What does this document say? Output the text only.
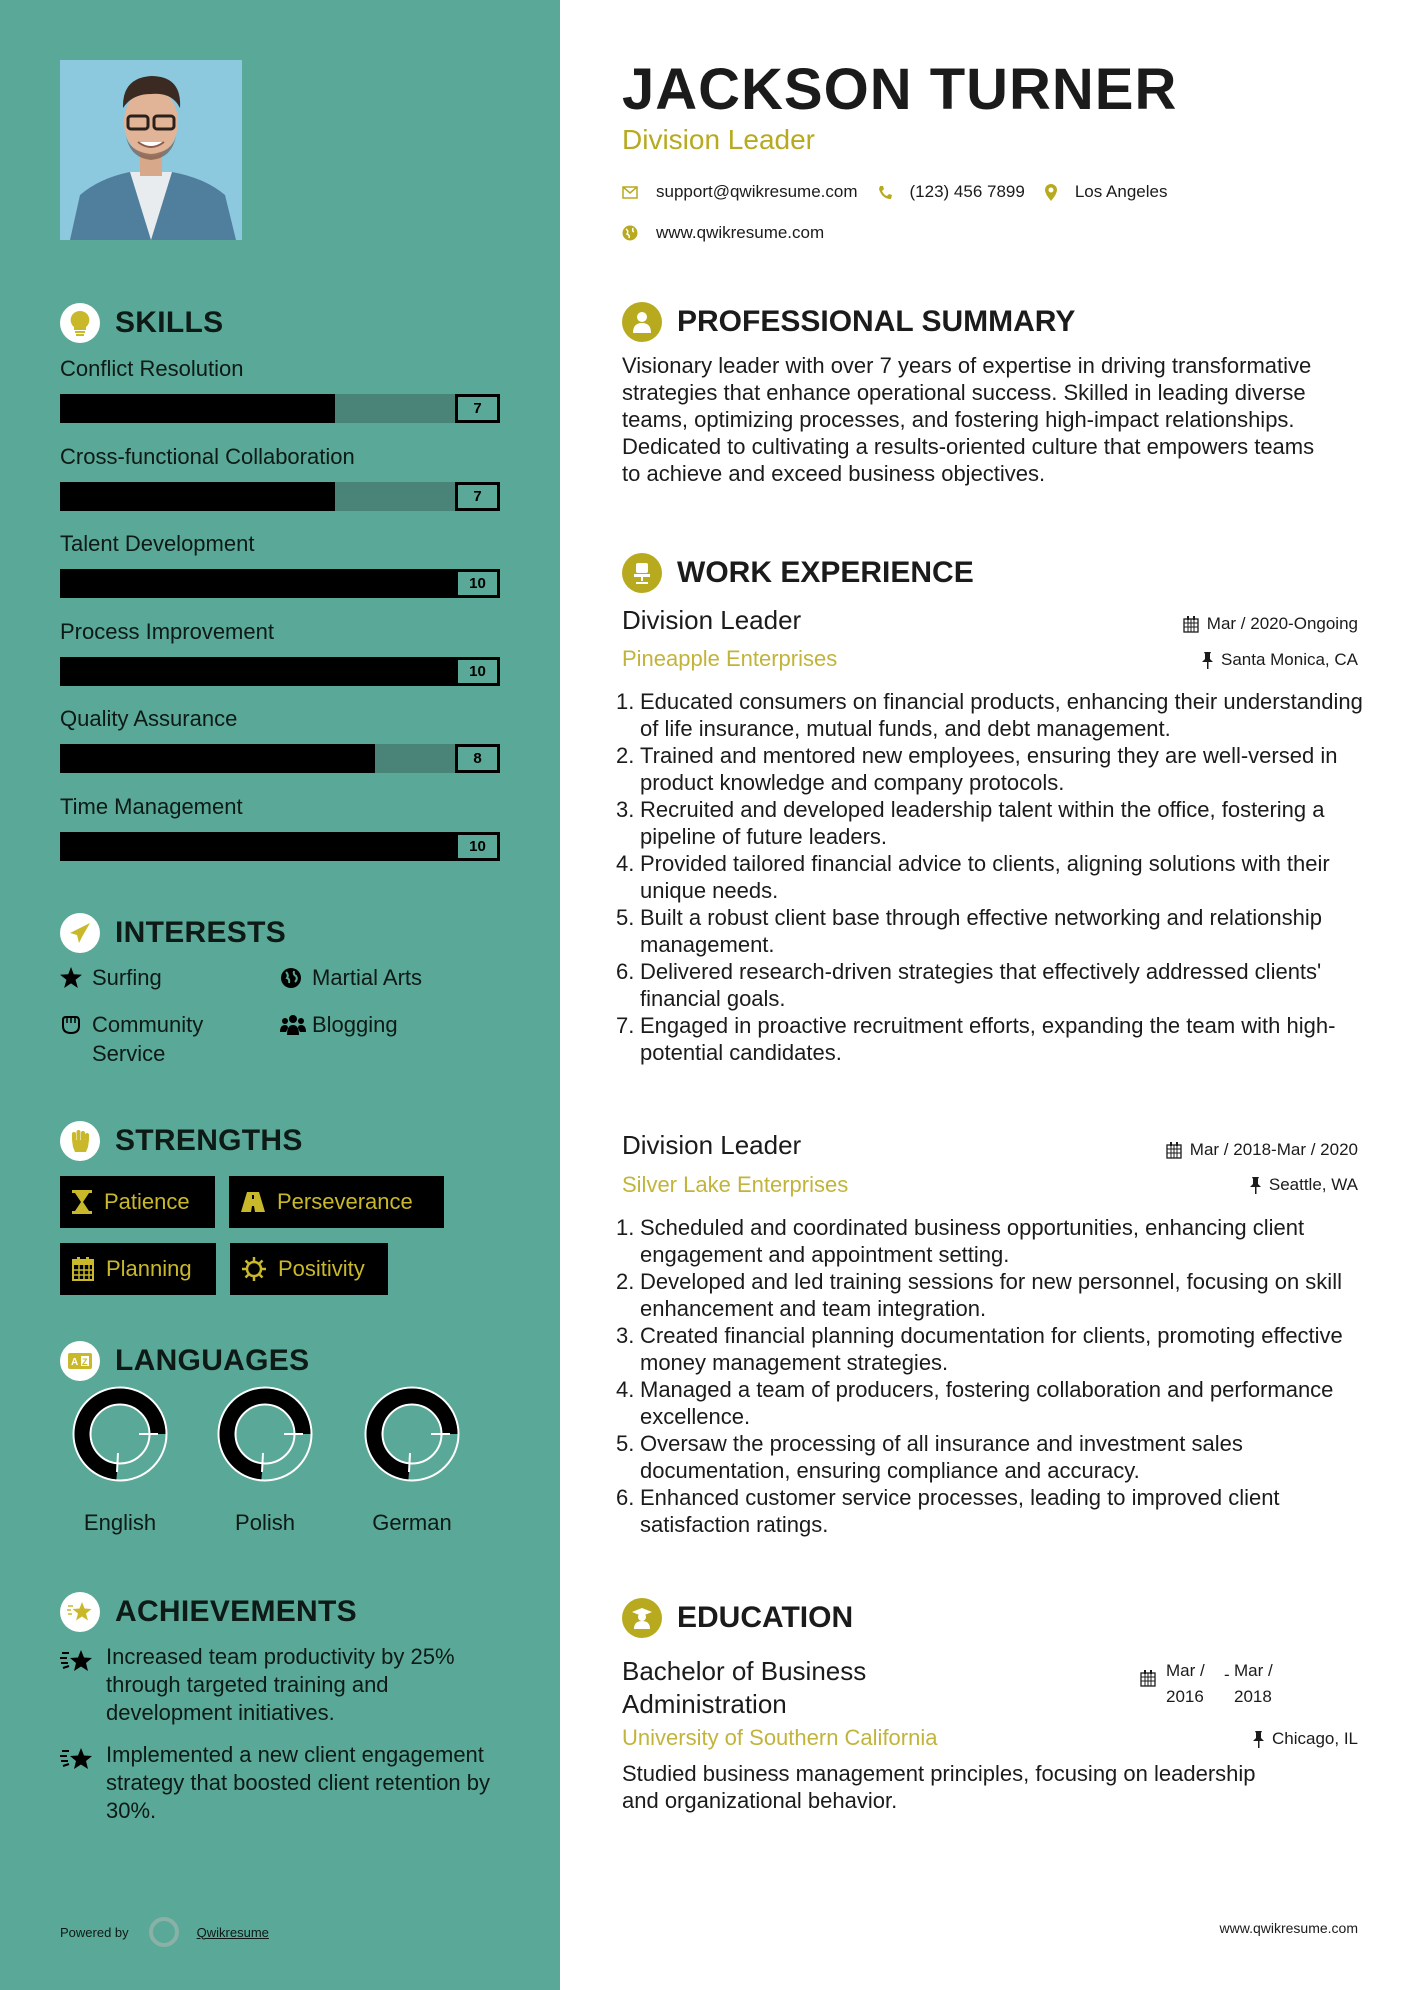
SKILLS
Conflict Resolution
7
Cross-functional Collaboration
7
Talent Development
10
Process Improvement
10
Quality Assurance
8
Time Management
10
INTERESTS
Surfing	Martial Arts
Community Service
Blogging
STRENGTHS
Patience	Perseverance
Planning	Positivity
A Z LANGUAGES
English	Polish	German
ACHIEVEMENTS
Increased team productivity by 25% through targeted training and development initiatives.
Implemented a new client engagement strategy that boosted client retention by 30%.
Powered by	Qwikresume
JACKSON TURNER
Division Leader
support@qwikresume.com	(123) 456 7899	Los Angeles
www.qwikresume.com
PROFESSIONAL SUMMARY

Visionary leader with over 7 years of expertise in driving transformative strategies that enhance operational success. Skilled in leading diverse teams, optimizing processes, and fostering high-impact relationships. Dedicated to cultivating a results-oriented culture that empowers teams to achieve and exceed business objectives.

WORK EXPERIENCE
Division Leader	Mar / 2020-Ongoing
Pineapple Enterprises	Santa Monica, CA
1. Educated consumers on financial products, enhancing their understanding of life insurance, mutual funds, and debt management.
2. Trained and mentored new employees, ensuring they are well-versed in product knowledge and company protocols.
3. Recruited and developed leadership talent within the office, fostering a pipeline of future leaders.
4. Provided tailored financial advice to clients, aligning solutions with their unique needs.
5. Built a robust client base through effective networking and relationship management.
6. Delivered research-driven strategies that effectively addressed clients' financial goals.
7. Engaged in proactive recruitment efforts, expanding the team with high-potential candidates.
Division Leader	Mar / 2018-Mar / 2020
Silver Lake Enterprises	Seattle, WA
1. Scheduled and coordinated business opportunities, enhancing client engagement and appointment setting.
2. Developed and led training sessions for new personnel, focusing on skill enhancement and team integration.
3. Created financial planning documentation for clients, promoting effective money management strategies.
4. Managed a team of producers, fostering collaboration and performance excellence.
5. Oversaw the processing of all insurance and investment sales documentation, ensuring compliance and accuracy.
6. Enhanced customer service processes, leading to improved client satisfaction ratings.
EDUCATION
Bachelor of Business Administration
Mar / 2016
- Mar / 2018
University of Southern California	Chicago, IL

Studied business management principles, focusing on leadership and organizational behavior.

www.qwikresume.com
